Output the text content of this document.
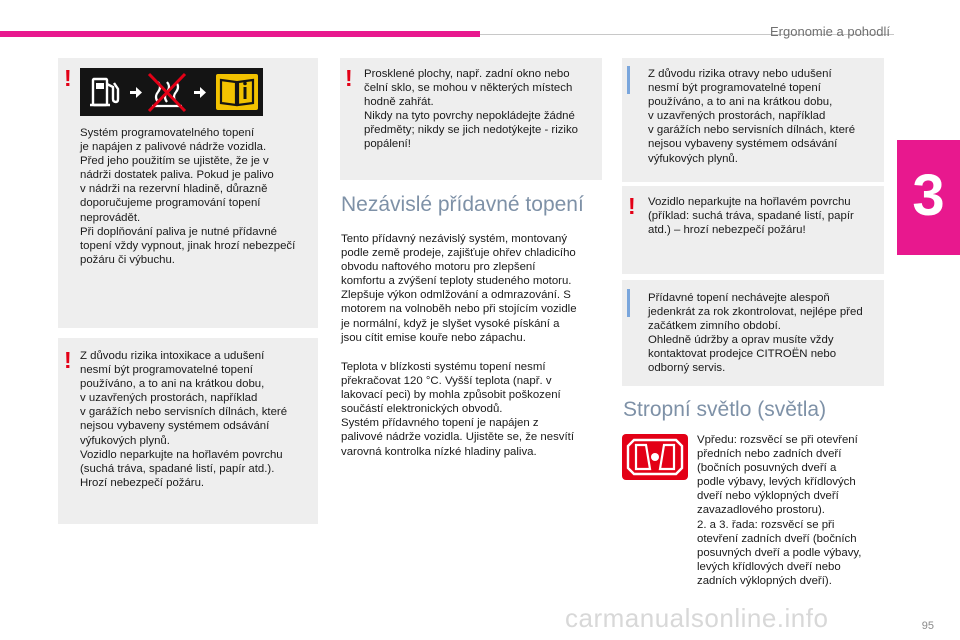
Ergonomie a pohodlí
3
!
Systém programovatelného topení
je napájen z palivové nádrže vozidla.
Před jeho použitím se ujistěte, že je v
nádrži dostatek paliva. Pokud je palivo
v nádrži na rezervní hladině, důrazně
doporučujeme programování topení
neprovádět.
Při doplňování paliva je nutné přídavné
topení vždy vypnout, jinak hrozí nebezpečí
požáru či výbuchu.
! Z důvodu rizika intoxikace a udušení
nesmí být programovatelné topení
používáno, a to ani na krátkou dobu,
v uzavřených prostorách, například
v garážích nebo servisních dílnách, které
nejsou vybaveny systémem odsávání
výfukových plynů.
Vozidlo neparkujte na hořlavém povrchu
(suchá tráva, spadané listí, papír atd.).
Hrozí nebezpečí požáru.
! Prosklené plochy, např. zadní okno nebo
čelní sklo, se mohou v některých místech
hodně zahřát.
Nikdy na tyto povrchy nepokládejte žádné
předměty; nikdy se jich nedotýkejte - riziko
popálení!
Nezávislé přídavné topení
Tento přídavný nezávislý systém, montovaný
podle země prodeje, zajišťuje ohřev chladicího
obvodu naftového motoru pro zlepšení
komfortu a zvýšení teploty studeného motoru.
Zlepšuje výkon odmlžování a odmrazování. S
motorem na volnoběh nebo při stojícím vozidle
je normální, když je slyšet vysoké pískání a
jsou cítit emise kouře nebo zápachu.
Teplota v blízkosti systému topení nesmí
překračovat 120 °C. Vyšší teplota (např. v
lakovací peci) by mohla způsobit poškození
součástí elektronických obvodů.
Systém přídavného topení je napájen z
palivové nádrže vozidla. Ujistěte se, že nesvítí
varovná kontrolka nízké hladiny paliva.
Z důvodu rizika otravy nebo udušení
nesmí být programovatelné topení
používáno, a to ani na krátkou dobu,
v uzavřených prostorách, například
v garážích nebo servisních dílnách, které
nejsou vybaveny systémem odsávání
výfukových plynů.
! Vozidlo neparkujte na hořlavém povrchu
(příklad: suchá tráva, spadané listí, papír
atd.) – hrozí nebezpečí požáru!
Přídavné topení nechávejte alespoň
jedenkrát za rok zkontrolovat, nejlépe před
začátkem zimního období.
Ohledně údržby a oprav musíte vždy
kontaktovat prodejce CITROËN nebo
odborný servis.
Stropní světlo (světla)
Vpředu: rozsvěcí se při otevření
předních nebo zadních dveří
(bočních posuvných dveří a
podle výbavy, levých křídlových
dveří nebo výklopných dveří
zavazadlového prostoru).
2. a 3. řada: rozsvěcí se při
otevření zadních dveří (bočních
posuvných dveří a podle výbavy,
levých křídlových dveří nebo
zadních výklopných dveří).
carmanualsonline.info	95
